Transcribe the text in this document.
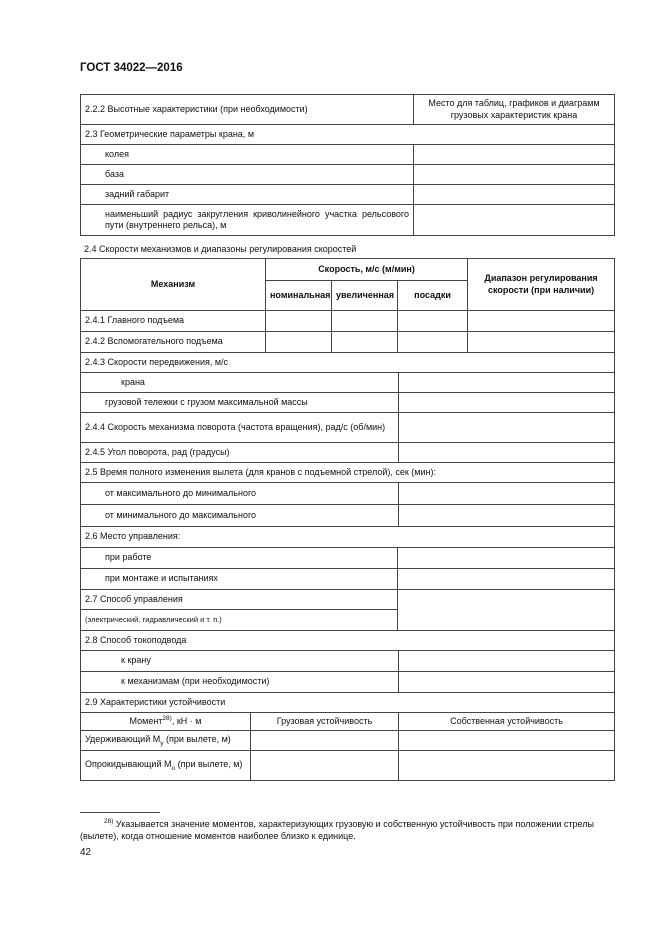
ГОСТ 34022—2016
2.2.2 Высотные характеристики (при необходимости)	Место для таблиц, графиков и диаграмм грузовых характеристик крана
2.3 Геометрические параметры крана, м	
колея	
база	
задний габарит	
наименьший радиус закругления криволинейного участка рельсового пути (внутреннего рельса), м	
2.4 Скорости механизмов и диапазоны регулирования скоростей
Механизм		Скорость, м/с (м/мин)			Диапазон регулирования скорости (при наличии)
		номинальная	увеличенная	посадки	
2.4.1 Главного подъема					
2.4.2 Вспомогательного подъема					
2.4.3 Скорости передвижения, м/с					
крана					
грузовой тележки с грузом максимальной массы					
2.4.4 Скорость механизма поворота (частота вращения), рад/с (об/мин)					
2.4.5 Угол поворота, рад (градусы)					
2.5 Время полного изменения вылета (для кранов с подъемной стрелой), сек (мин):					
от максимального до минимального					
от минимального до максимального					
2.6 Место управления:					
при работе					
при монтаже и испытаниях					
2.7 Способ управления					
(электрический, гидравлический и т. п.)					
2.8 Способ токоподвода					
к крану					
к механизмам (при необходимости)					
2.9 Характеристики устойчивости					
Момент$^{28)}$, кН · м	Грузовая устойчивость			Собственная устойчивость	
Удерживающий $M_у$ (при вылете, м)					
Опрокидывающий $M_о$ (при вылете, м)					
$^{28)}$ Указывается значение моментов, характеризующих грузовую и собственную устойчивость при положении стрелы (вылете), когда отношение моментов наиболее близко к единице.
42
